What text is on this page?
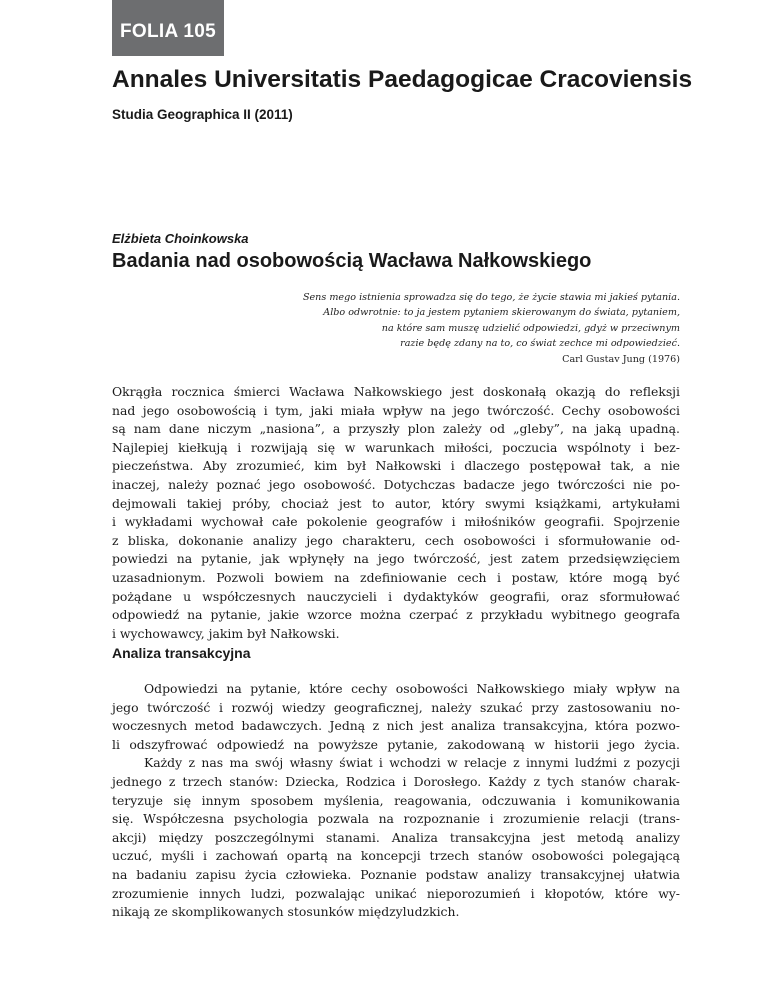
FOLIA 105
Annales Universitatis Paedagogicae Cracoviensis
Studia Geographica II (2011)
Elżbieta Choinkowska
Badania nad osobowością Wacława Nałkowskiego
Sens mego istnienia sprowadza się do tego, że życie stawia mi jakieś pytania.
Albo odwrotnie: to ja jestem pytaniem skierowanym do świata, pytaniem,
na które sam muszę udzielić odpowiedzi, gdyż w przeciwnym
razie będę zdany na to, co świat zechce mi odpowiedzieć.
Carl Gustav Jung (1976)
Okrągła rocznica śmierci Wacława Nałkowskiego jest doskonałą okazją do refleksji
nad jego osobowością i tym, jaki miała wpływ na jego twórczość. Cechy osobowości
są nam dane niczym „nasiona”, a przyszły plon zależy od „gleby”, na jaką upadną.
Najlepiej kiełkują i rozwijają się w warunkach miłości, poczucia wspólnoty i bez-
pieczeństwa. Aby zrozumieć, kim był Nałkowski i dlaczego postępował tak, a nie
inaczej, należy poznać jego osobowość. Dotychczas badacze jego twórczości nie po-
dejmowali takiej próby, chociaż jest to autor, który swymi książkami, artykułami
i wykładami wychował całe pokolenie geografów i miłośników geografii. Spojrzenie
z bliska, dokonanie analizy jego charakteru, cech osobowości i sformułowanie od-
powiedzi na pytanie, jak wpłynęły na jego twórczość, jest zatem przedsięwzięciem
uzasadnionym. Pozwoli bowiem na zdefiniowanie cech i postaw, które mogą być
pożądane u współczesnych nauczycieli i dydaktyków geografii, oraz sformułować
odpowiedź na pytanie, jakie wzorce można czerpać z przykładu wybitnego geografa
i wychowawcy, jakim był Nałkowski.
Analiza transakcyjna
Odpowiedzi na pytanie, które cechy osobowości Nałkowskiego miały wpływ na
jego twórczość i rozwój wiedzy geograficznej, należy szukać przy zastosowaniu no-
woczesnych metod badawczych. Jedną z nich jest analiza transakcyjna, która pozwo-
li odszyfrować odpowiedź na powyższe pytanie, zakodowaną w historii jego życia.
Każdy z nas ma swój własny świat i wchodzi w relacje z innymi ludźmi z pozycji
jednego z trzech stanów: Dziecka, Rodzica i Dorosłego. Każdy z tych stanów charak-
teryzuje się innym sposobem myślenia, reagowania, odczuwania i komunikowania
się. Współczesna psychologia pozwala na rozpoznanie i zrozumienie relacji (trans-
akcji) między poszczególnymi stanami. Analiza transakcyjna jest metodą analizy
uczuć, myśli i zachowań opartą na koncepcji trzech stanów osobowości polegającą
na badaniu zapisu życia człowieka. Poznanie podstaw analizy transakcyjnej ułatwia
zrozumienie innych ludzi, pozwalając unikać nieporozumień i kłopotów, które wy-
nikają ze skomplikowanych stosunków międzyludzkich.
